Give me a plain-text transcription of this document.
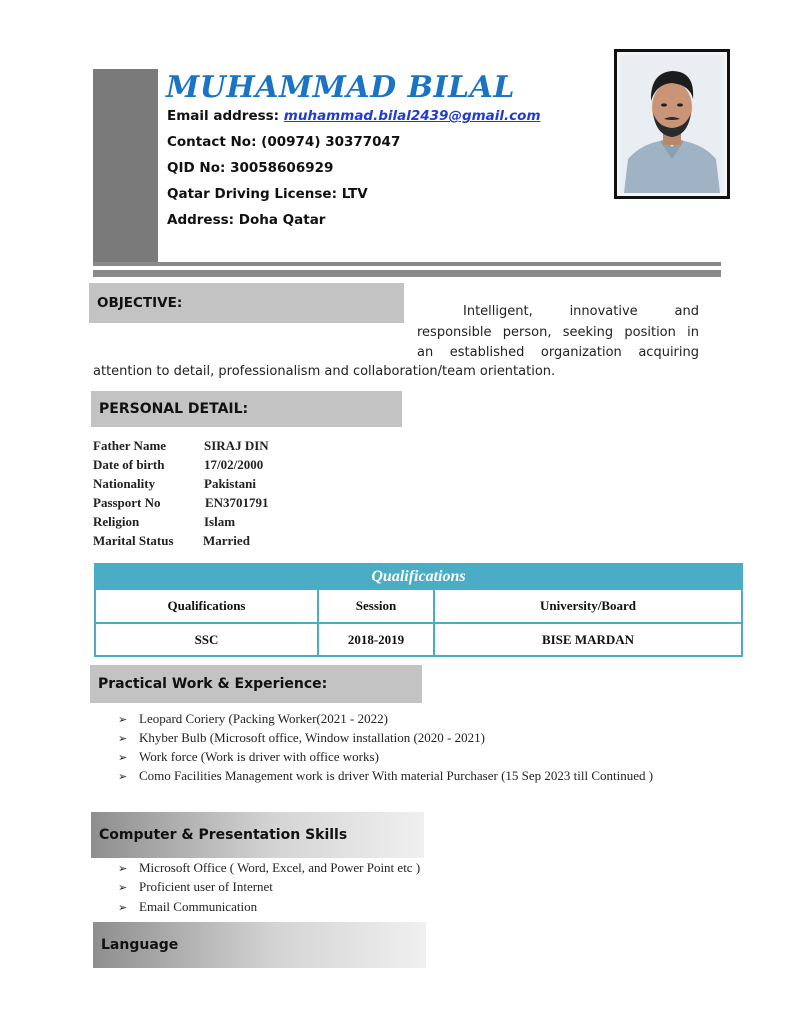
MUHAMMAD BILAL
Email address: muhammad.bilal2439@gmail.com
Contact No: (00974) 30377047
QID No: 30058606929
Qatar Driving License: LTV
Address: Doha Qatar
OBJECTIVE:
Intelligent, innovative and
responsible person, seeking position in
an established organization acquiring
attention to detail, professionalism and collaboration/team orientation.
PERSONAL DETAIL:
Father Name	SIRAJ DIN
Date of birth	17/02/2000
Nationality	Pakistani
Passport No	EN3701791
Religion	Islam
Marital Status Married
Qualifications		
Qualifications	Session	University/Board
SSC	2018-2019	BISE MARDAN
Practical Work & Experience:
➢ Leopard Coriery (Packing Worker(2021 - 2022)
➢ Khyber Bulb (Microsoft office, Window installation (2020 - 2021)
➢ Work force (Work is driver with office works)
➢ Como Facilities Management work is driver With material Purchaser (15 Sep 2023 till Continued )
Computer & Presentation Skills
➢ Microsoft Office ( Word, Excel, and Power Point etc )
➢ Proficient user of Internet
➢ Email Communication
Language
